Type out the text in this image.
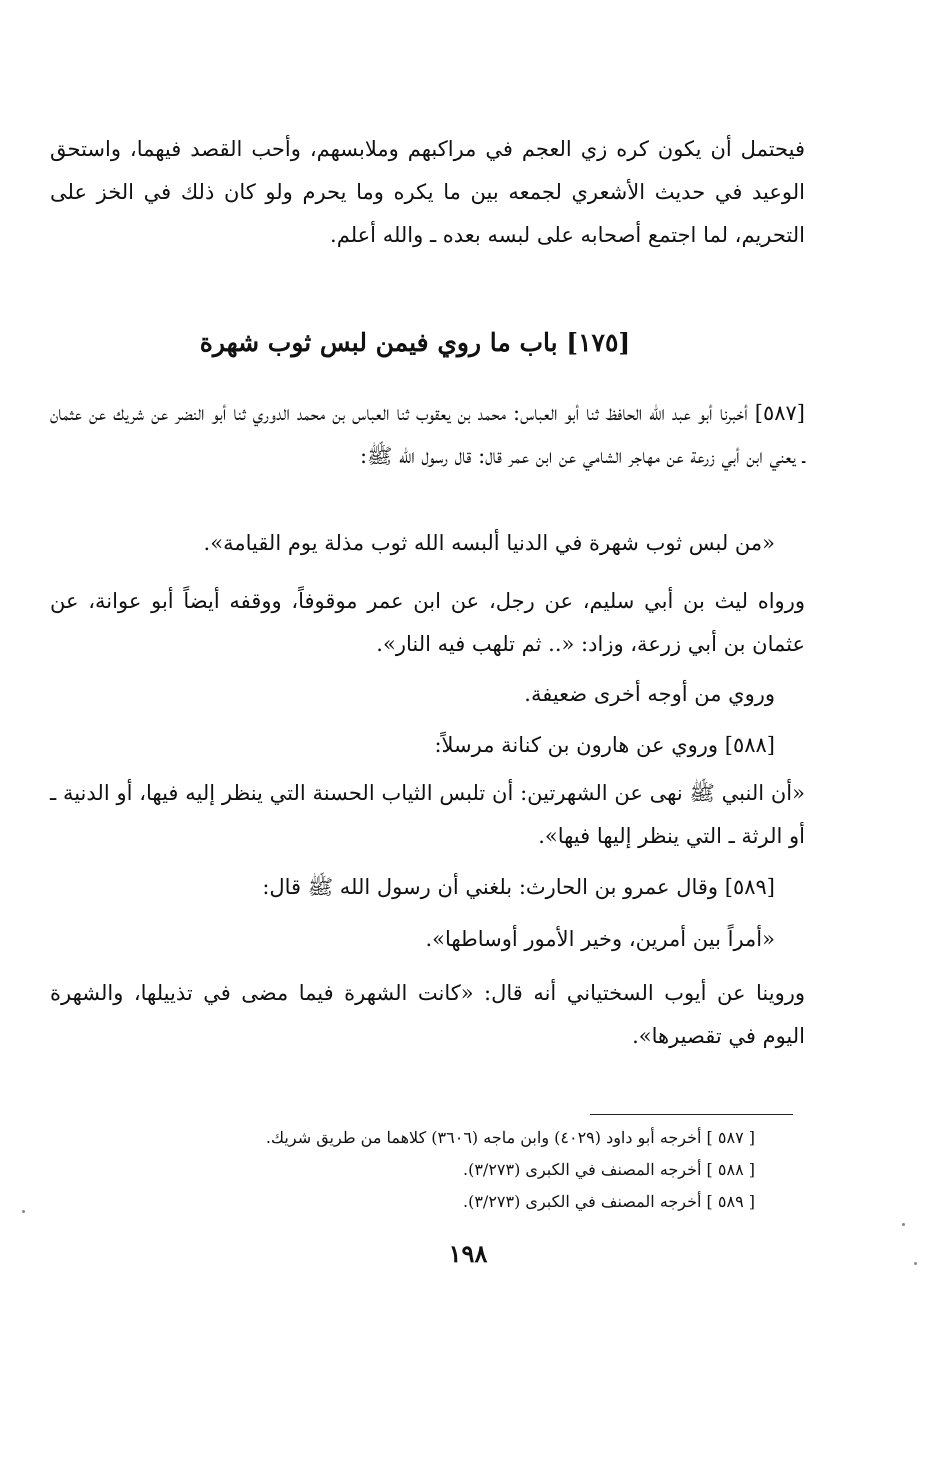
فيحتمل أن يكون كره زي العجم في مراكبهم وملابسهم، وأحب القصد فيهما، واستحق الوعيد في حديث الأشعري لجمعه بين ما يكره وما يحرم ولو كان ذلك في الخز على التحريم، لما اجتمع أصحابه على لبسه بعده ـ والله أعلم.

[١٧٥] باب ما روي فيمن لبس ثوب شهرة

[٥٨٧] أخبرنا أبو عبد الله الحافظ ثنا أبو العباس: محمد بن يعقوب ثنا العباس بن محمد الدوري ثنا أبو النضر عن شريك عن عثمان ـ يعني ابن أبي زرعة عن مهاجر الشامي عن ابن عمر قال: قال رسول الله ﷺ:

«من لبس ثوب شهرة في الدنيا ألبسه الله ثوب مذلة يوم القيامة».

ورواه ليث بن أبي سليم، عن رجل، عن ابن عمر موقوفاً، ووقفه أيضاً أبو عوانة، عن عثمان بن أبي زرعة، وزاد: «.. ثم تلهب فيه النار».

وروي من أوجه أخرى ضعيفة.

[٥٨٨] وروي عن هارون بن كنانة مرسلاً:

«أن النبي ﷺ نهى عن الشهرتين: أن تلبس الثياب الحسنة التي ينظر إليه فيها، أو الدنية ـ أو الرثة ـ التي ينظر إليها فيها».

[٥٨٩] وقال عمرو بن الحارث: بلغني أن رسول الله ﷺ قال:

«أمراً بين أمرين، وخير الأمور أوساطها».

وروينا عن أيوب السختياني أنه قال: «كانت الشهرة فيما مضى في تذييلها، والشهرة اليوم في تقصيرها».

[ ٥٨٧ ] أخرجه أبو داود (٤٠٢٩) وابن ماجه (٣٦٠٦) كلاهما من طريق شريك.

[ ٥٨٨ ] أخرجه المصنف في الكبرى (٣/٢٧٣).

[ ٥٨٩ ] أخرجه المصنف في الكبرى (٣/٢٧٣).

١٩٨
